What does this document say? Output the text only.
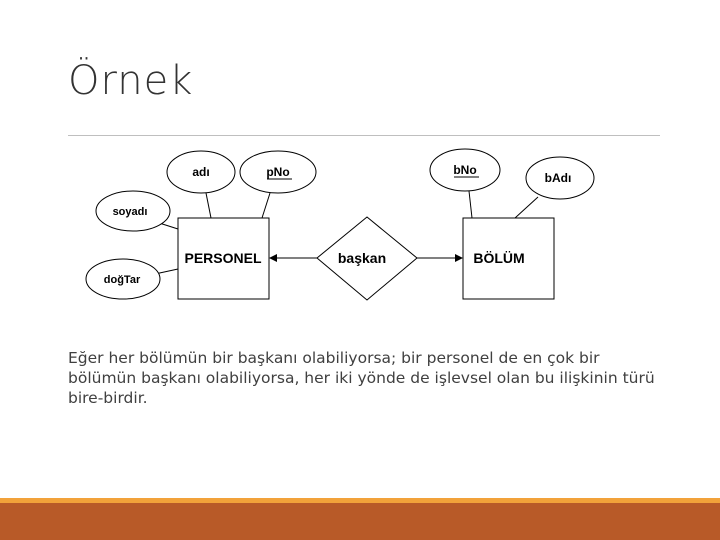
Örnek
adı	pNo
soyadı
doğTar
bNo
bAdı
PERSONEL	BÖLÜM
başkan

Eğer her bölümün bir başkanı olabiliyorsa; bir personel de en çok bir bölümün başkanı olabiliyorsa, her iki yönde de işlevsel olan bu ilişkinin türü bire-birdir.
